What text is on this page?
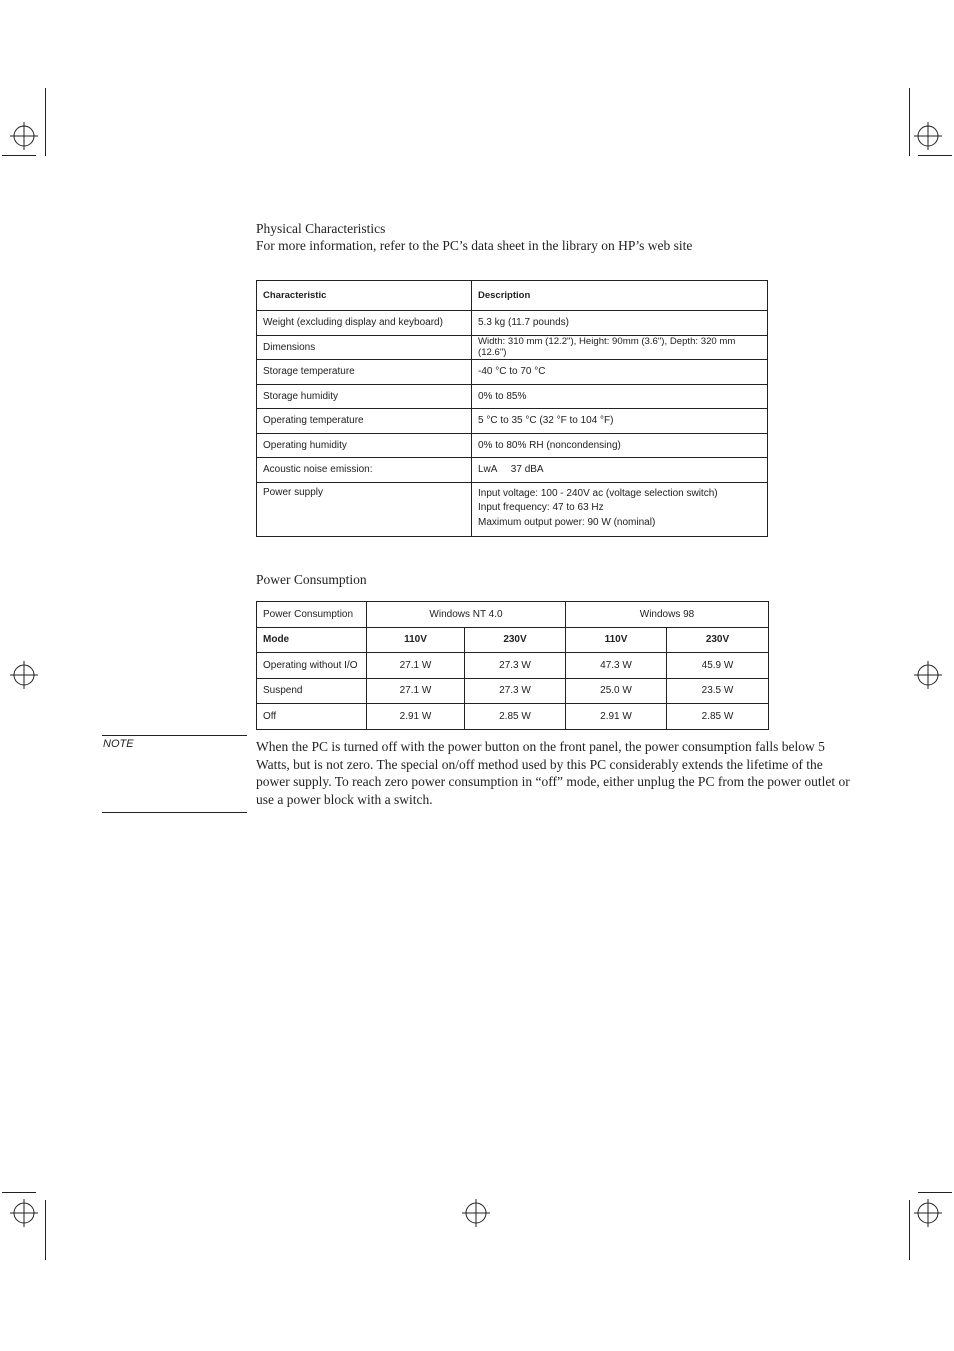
Physical Characteristics
For more information, refer to the PC’s data sheet in the library on HP’s web site
Characteristic	Description
Weight (excluding display and keyboard)	5.3 kg (11.7 pounds)
Dimensions	Width: 310 mm (12.2"), Height: 90mm (3.6"), Depth: 320 mm (12.6")
Storage temperature	-40 °C to 70 °C
Storage humidity	0% to 85%
Operating temperature	5 °C to 35 °C (32 °F to 104 °F)
Operating humidity	0% to 80% RH (noncondensing)
Acoustic noise emission:	LwA     37 dBA
Power supply	Input voltage: 100 - 240V ac (voltage selection switch)
Input frequency: 47 to 63 Hz
Maximum output power: 90 W (nominal)
Power Consumption
Power Consumption	Windows NT 4.0		Windows 98	
Mode	110V	230V	110V	230V
Operating without I/O	27.1 W	27.3 W	47.3 W	45.9 W
Suspend	27.1 W	27.3 W	25.0 W	23.5 W
Off	2.91 W	2.85 W	2.91 W	2.85 W
NOTE	When the PC is turned off with the power button on the front panel, the power consumption falls below 5 Watts, but is not zero. The special on/off method used by this PC considerably extends the lifetime of the power supply. To reach zero power consumption in “off” mode, either unplug the PC from the power outlet or use a power block with a switch.
